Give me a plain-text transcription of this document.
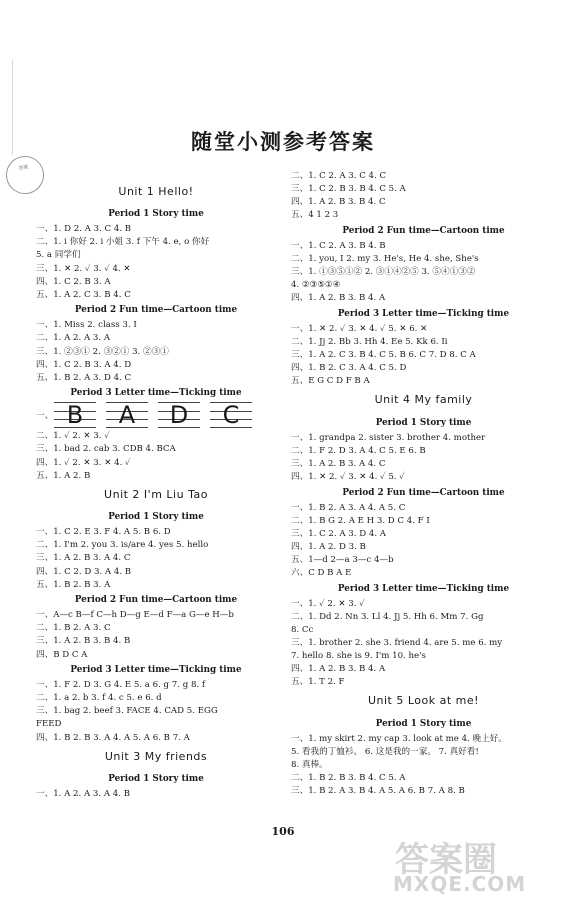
随堂小测参考答案
答案
Unit 1 Hello!
Period 1 Story time
一、1. D 2. A 3. C 4. B
二、1. i 你好 2. i 小姐 3. f 下午 4. e, o 你好
5. a 同学们
三、1. ✕ 2. ✓ 3. ✓ 4. ✕
四、1. C 2. B 3. A
五、1. A 2. C 3. B 4. C
Period 2 Fun time—Cartoon time
一、1. Miss 2. class 3. I
二、1. A 2. A 3. A
三、1. ②③① 2. ③②① 3. ②③①
四、1. C 2. B 3. A 4. D
五、1. B 2. A 3. D 4. C
Period 3 Letter time—Ticking time
一、 B	A	D	C
二、1. ✓ 2. ✕ 3. ✓
三、1. bad 2. cab 3. CDB 4. BCA
四、1. ✓ 2. ✕ 3. ✕ 4. ✓
五、1. A 2. B
Unit 2 I'm Liu Tao
Period 1 Story time
一、1. C 2. E 3. F 4. A 5. B 6. D
二、1. I'm 2. you 3. is/are 4. yes 5. hello
三、1. A 2. B 3. A 4. C
四、1. C 2. D 3. A 4. B
五、1. B 2. B 3. A
Period 2 Fun time—Cartoon time
一、A—c B—f C—h D—g E—d F—a G—e H—b
二、1. B 2. A 3. C
三、1. A 2. B 3. B 4. B
四、B D C A
Period 3 Letter time—Ticking time
一、1. F 2. D 3. G 4. E 5. a 6. g 7. g 8. f
二、1. a 2. b 3. f 4. c 5. e 6. d
三、1. bag 2. beef 3. FACE 4. CAD 5. EGG
FEED
四、1. B 2. B 3. A 4. A 5. A 6. B 7. A
Unit 3 My friends
Period 1 Story time
一、1. A 2. A 3. A 4. B
二、1. C 2. A 3. C 4. C
三、1. C 2. B 3. B 4. C 5. A
四、1. A 2. B 3. B 4. C
五、4 1 2 3
Period 2 Fun time—Cartoon time
一、1. C 2. A 3. B 4. B
二、1. you, I 2. my 3. He's, He 4. she, She's
三、1. ①③⑤①② 2. ③①④②⑤ 3. ⑤④①③②
4. ②③⑤①④
四、1. A 2. B 3. B 4. A
Period 3 Letter time—Ticking time
一、1. ✕ 2. ✓ 3. ✕ 4. ✓ 5. ✕ 6. ✕
二、1. Jj 2. Bb 3. Hh 4. Ee 5. Kk 6. Ii
三、1. A 2. C 3. B 4. C 5. B 6. C 7. D 8. C A
四、1. B 2. C 3. A 4. C 5. D
五、E G C D F B A
Unit 4 My family
Period 1 Story time
一、1. grandpa 2. sister 3. brother 4. mother
二、1. F 2. D 3. A 4. C 5. E 6. B
三、1. A 2. B 3. A 4. C
四、1. ✕ 2. ✓ 3. ✕ 4. ✓ 5. ✓
Period 2 Fun time—Cartoon time
一、1. B 2. A 3. A 4. A 5. C
二、1. B G 2. A E H 3. D C 4. F I
三、1. C 2. A 3. D 4. A
四、1. A 2. D 3. B
五、1—d 2—a 3—c 4—b
六、C D B A E
Period 3 Letter time—Ticking time
一、1. ✓ 2. ✕ 3. ✓
二、1. Dd 2. Nn 3. Ll 4. Jj 5. Hh 6. Mm 7. Gg
8. Cc
三、1. brother 2. she 3. friend 4. are 5. me 6. my
7. hello 8. she is 9. I'm 10. he's
四、1. A 2. B 3. B 4. A
五、1. T 2. F
Unit 5 Look at me!
Period 1 Story time
一、1. my skirt 2. my cap 3. look at me 4. 晚上好。
5. 看我的丁恤衫。 6. 这是我的一家。 7. 真好看!
8. 真棒。
二、1. B 2. B 3. B 4. C 5. A
三、1. B 2. A 3. B 4. A 5. A 6. B 7. A 8. B
106
答案圈
MXQE.COM
